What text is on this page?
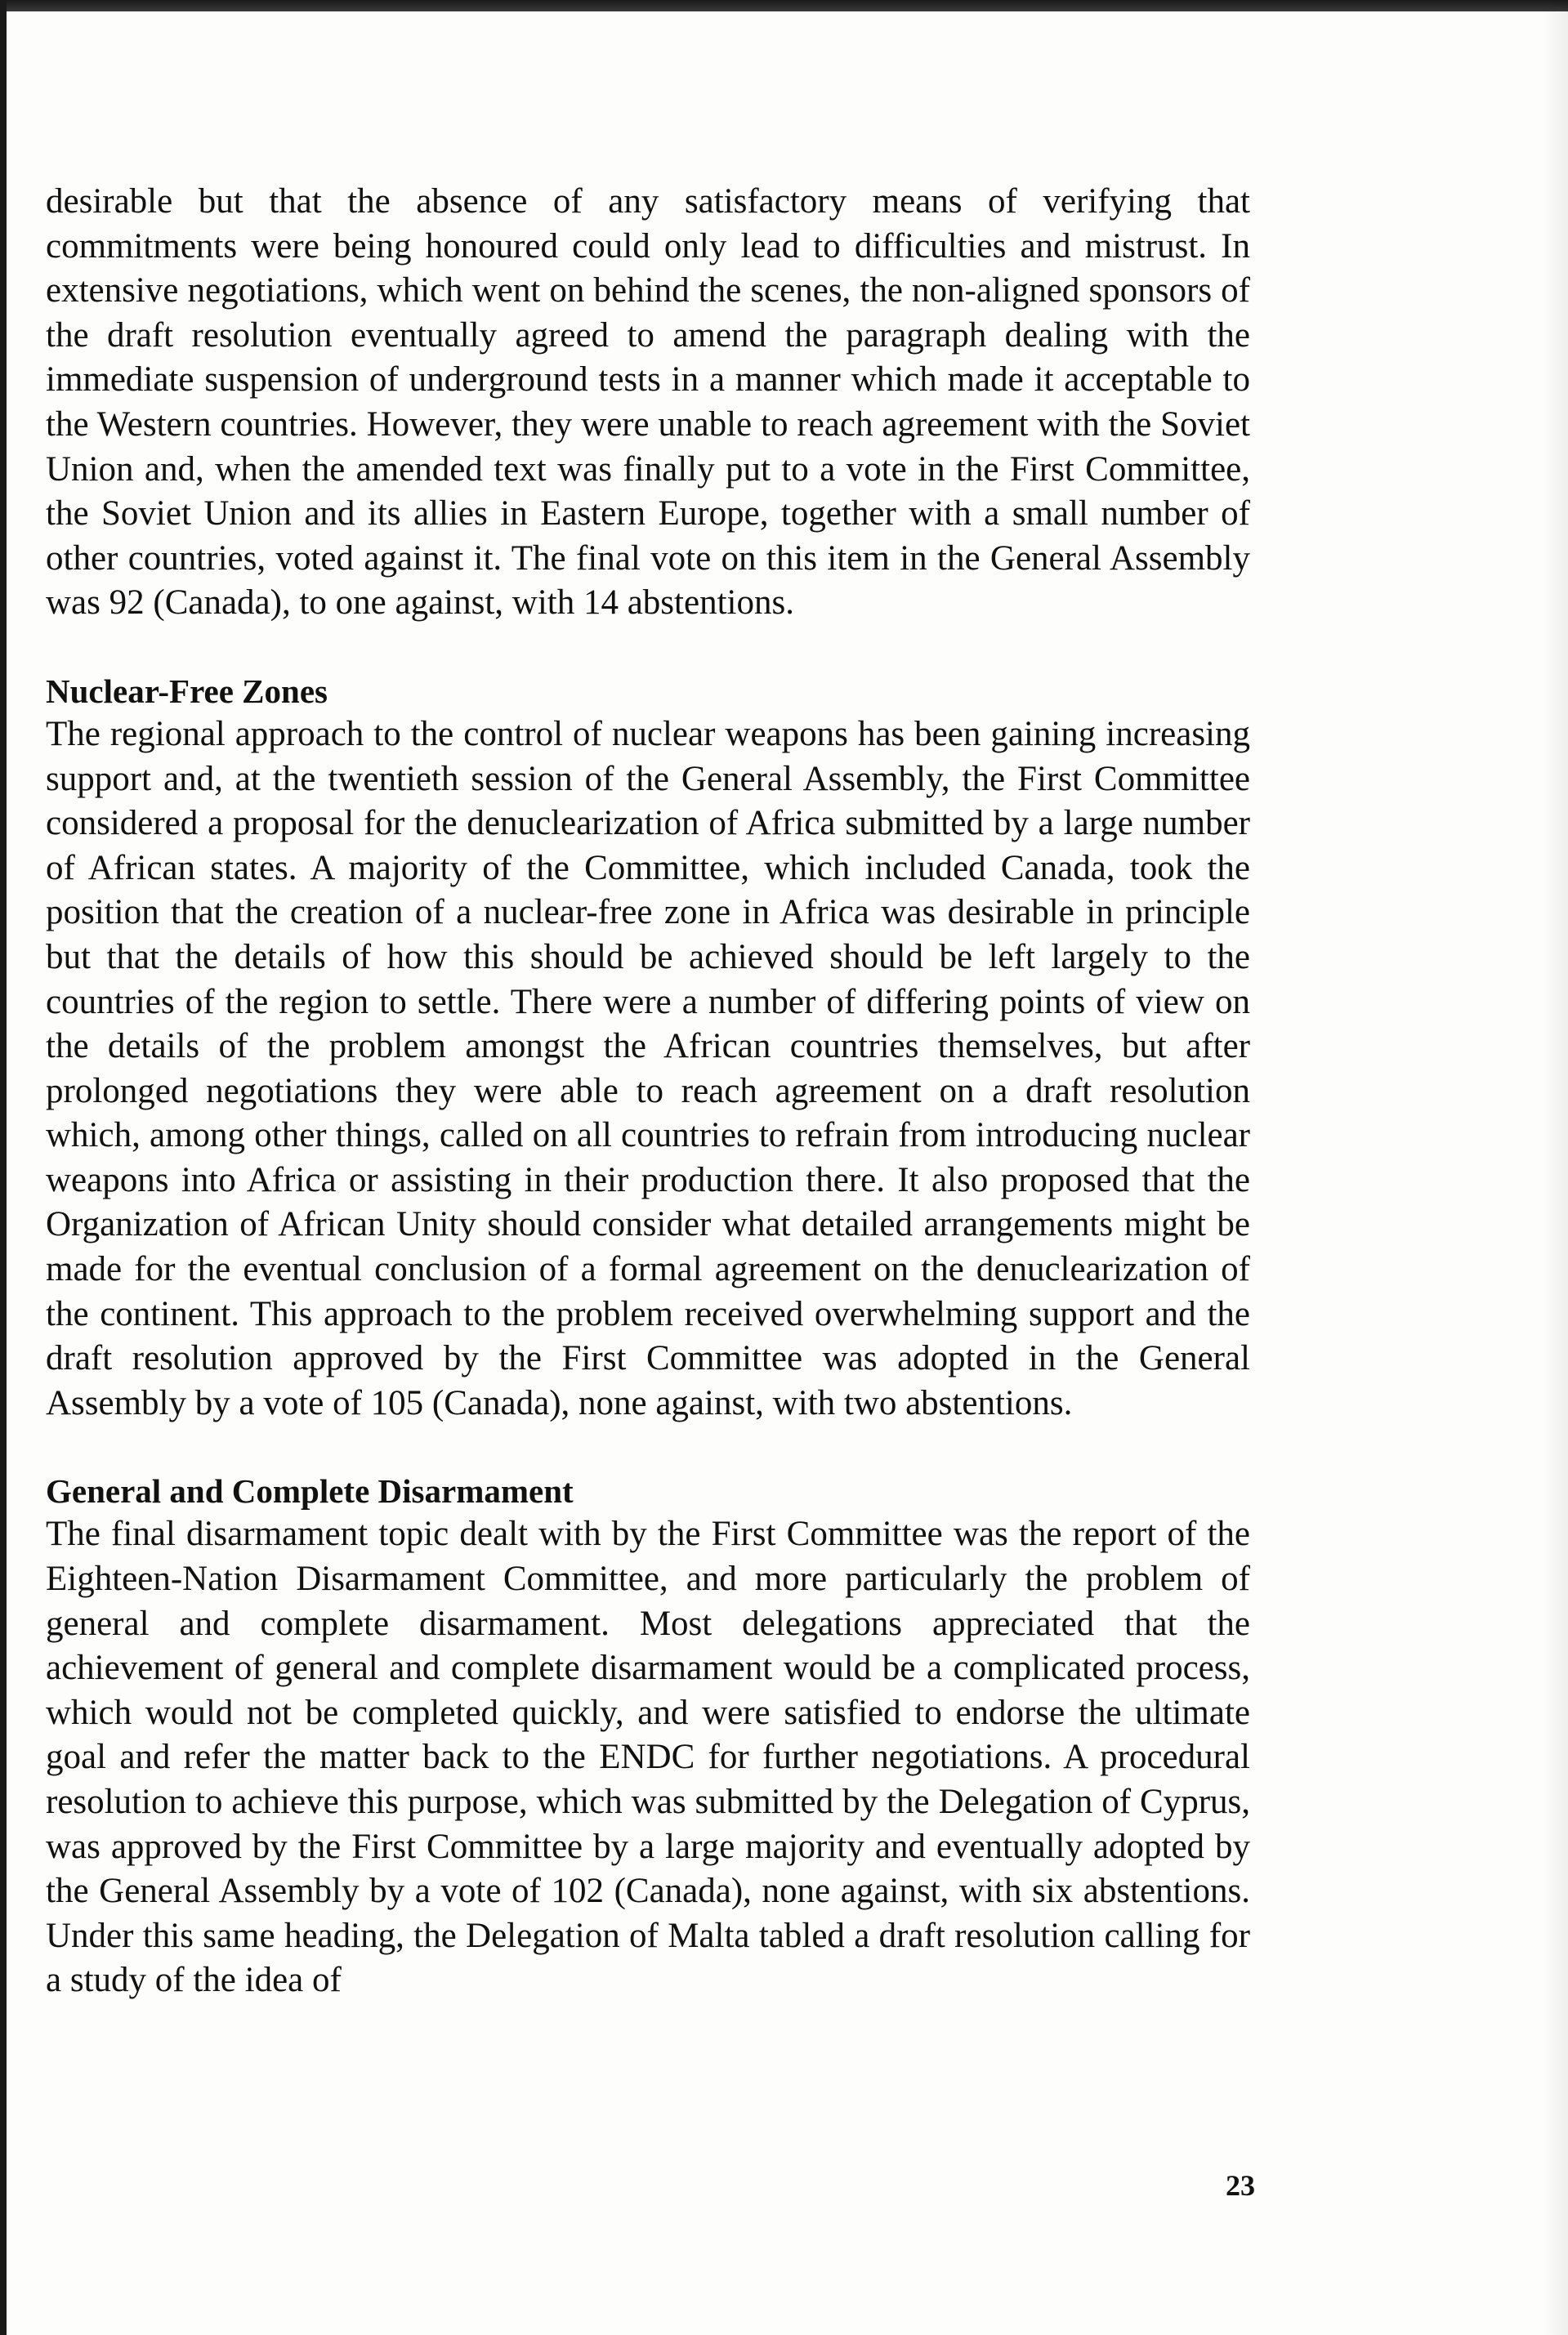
desirable but that the absence of any satisfactory means of verifying that commitments were being honoured could only lead to difficulties and mistrust. In extensive negotiations, which went on behind the scenes, the non-aligned sponsors of the draft resolution eventually agreed to amend the paragraph dealing with the immediate suspension of underground tests in a manner which made it acceptable to the Western countries. However, they were unable to reach agreement with the Soviet Union and, when the amended text was finally put to a vote in the First Committee, the Soviet Union and its allies in Eastern Europe, together with a small number of other countries, voted against it. The final vote on this item in the General Assembly was 92 (Canada), to one against, with 14 abstentions.

Nuclear-Free Zones

The regional approach to the control of nuclear weapons has been gaining increasing support and, at the twentieth session of the General Assembly, the First Committee considered a proposal for the denuclearization of Africa submitted by a large number of African states. A majority of the Committee, which included Canada, took the position that the creation of a nuclear-free zone in Africa was desirable in principle but that the details of how this should be achieved should be left largely to the countries of the region to settle. There were a number of differing points of view on the details of the problem amongst the African countries themselves, but after prolonged negotiations they were able to reach agreement on a draft resolution which, among other things, called on all countries to refrain from introducing nuclear weapons into Africa or assisting in their production there. It also proposed that the Organization of African Unity should consider what detailed arrangements might be made for the eventual conclusion of a formal agreement on the denuclearization of the continent. This approach to the problem received overwhelming support and the draft resolution approved by the First Committee was adopted in the General Assembly by a vote of 105 (Canada), none against, with two abstentions.

General and Complete Disarmament

The final disarmament topic dealt with by the First Committee was the report of the Eighteen-Nation Disarmament Committee, and more particularly the problem of general and complete disarmament. Most delegations appreciated that the achievement of general and complete disarmament would be a complicated process, which would not be completed quickly, and were satisfied to endorse the ultimate goal and refer the matter back to the ENDC for further negotiations. A procedural resolution to achieve this purpose, which was submitted by the Delegation of Cyprus, was approved by the First Committee by a large majority and eventually adopted by the General Assembly by a vote of 102 (Canada), none against, with six abstentions. Under this same heading, the Delegation of Malta tabled a draft resolution calling for a study of the idea of

23
